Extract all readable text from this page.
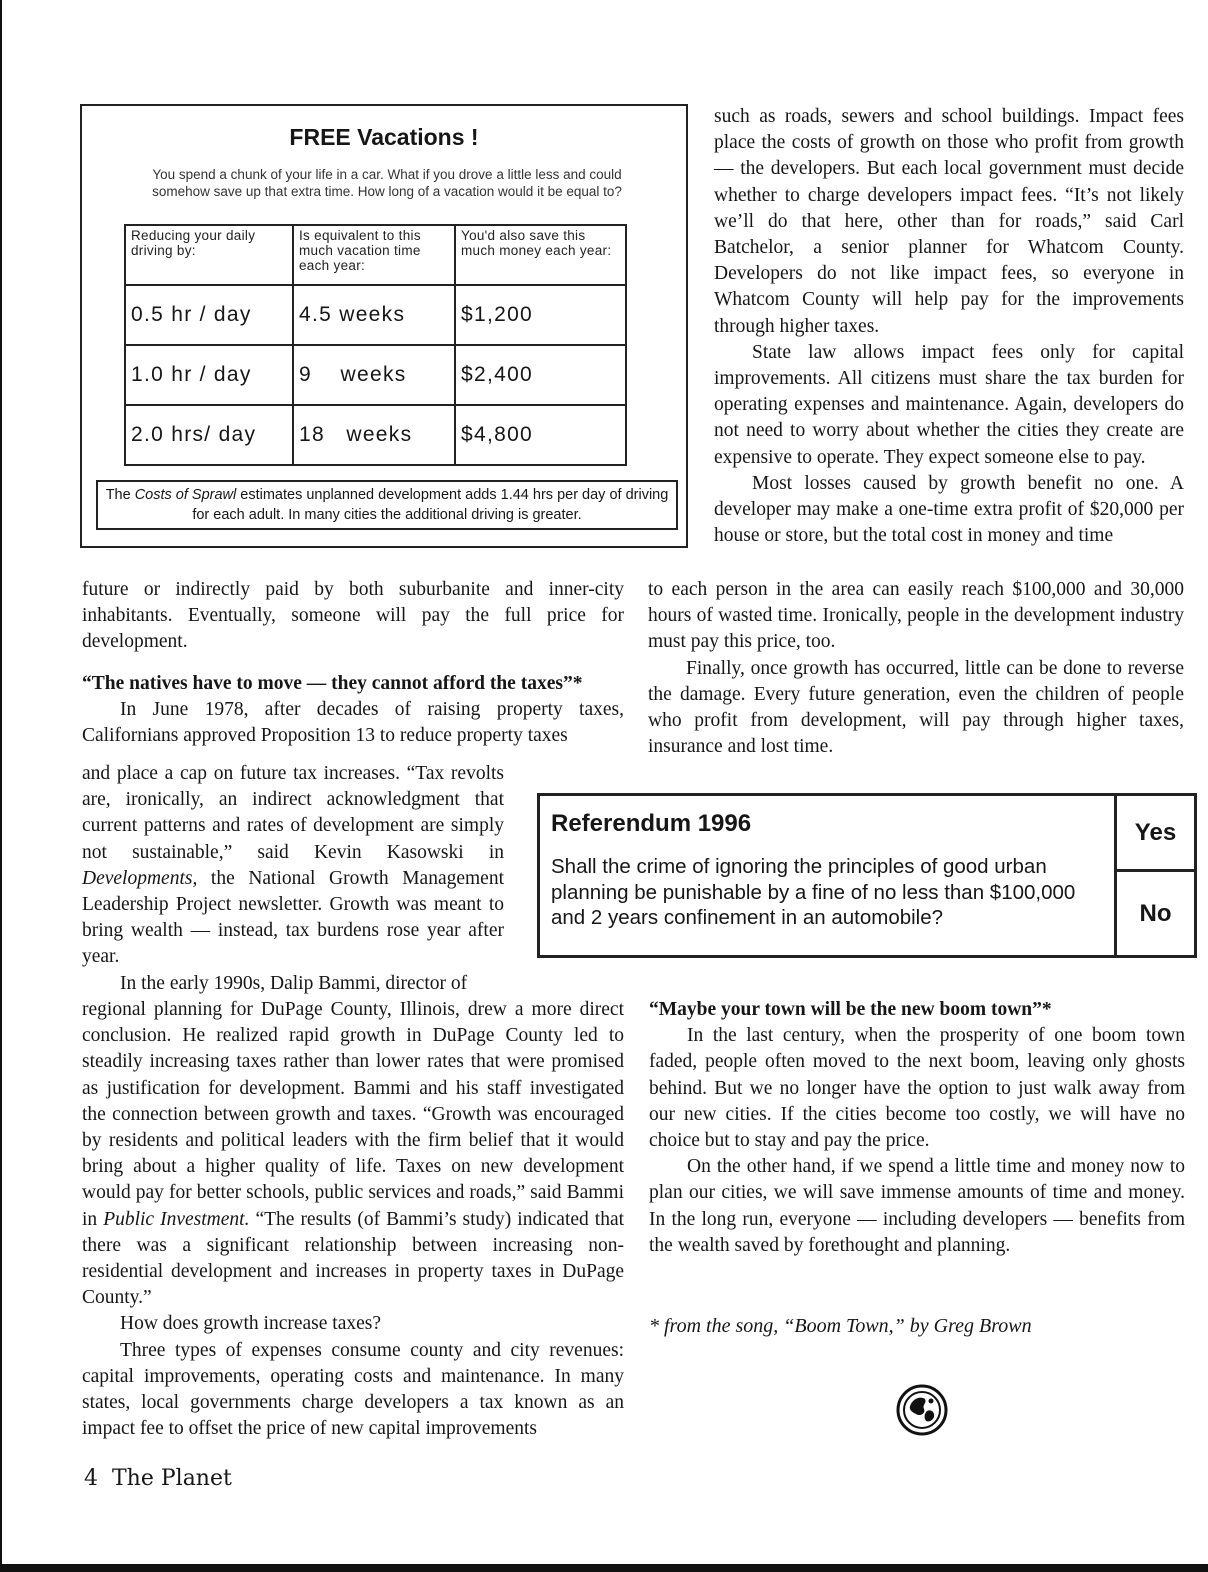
FREE Vacations !
You spend a chunk of your life in a car. What if you drove a little less and could somehow save up that extra time. How long of a vacation would it be equal to?
Reducing your daily driving by:	Is equivalent to this much vacation time each year:	You'd also save this much money each year:
0.5 hr / day	4.5 weeks	$1,200
1.0 hr / day	9    weeks	$2,400
2.0 hrs/ day	18   weeks	$4,800
The Costs of Sprawl estimates unplanned development adds 1.44 hrs per day of driving for each adult. In many cities the additional driving is greater.

such as roads, sewers and school buildings. Impact fees place the costs of growth on those who profit from growth — the developers. But each local government must decide whether to charge developers impact fees. “It’s not likely we’ll do that here, other than for roads,” said Carl Batchelor, a senior planner for Whatcom County. Developers do not like impact fees, so everyone in Whatcom County will help pay for the improvements through higher taxes.

State law allows impact fees only for capital improvements. All citizens must share the tax burden for operating expenses and maintenance. Again, developers do not need to worry about whether the cities they create are expensive to operate. They expect someone else to pay.

Most losses caused by growth benefit no one. A developer may make a one-time extra profit of $20,000 per house or store, but the total cost in money and time

future or indirectly paid by both suburbanite and inner-city inhabitants. Eventually, someone will pay the full price for development.

“The natives have to move — they cannot afford the taxes”*

In June 1978, after decades of raising property taxes, Californians approved Proposition 13 to reduce property taxes

to each person in the area can easily reach $100,000 and 30,000 hours of wasted time. Ironically, people in the development industry must pay this price, too.

Finally, once growth has occurred, little can be done to reverse the damage. Every future generation, even the children of people who profit from development, will pay through higher taxes, insurance and lost time.

and place a cap on future tax increases. “Tax revolts are, ironically, an indirect acknowledgment that current patterns and rates of development are simply not sustainable,” said Kevin Kasowski in Developments, the National Growth Management Leadership Project newsletter. Growth was meant to bring wealth — instead, tax burdens rose year after year.

In the early 1990s, Dalip Bammi, director of

Referendum 1996
Shall the crime of ignoring the principles of good urban planning be punishable by a fine of no less than $100,000 and 2 years confinement in an automobile?
Yes
No

regional planning for DuPage County, Illinois, drew a more direct conclusion. He realized rapid growth in DuPage County led to steadily increasing taxes rather than lower rates that were promised as justification for development. Bammi and his staff investigated the connection between growth and taxes. “Growth was encouraged by residents and political leaders with the firm belief that it would bring about a higher quality of life. Taxes on new development would pay for better schools, public services and roads,” said Bammi in Public Investment. “The results (of Bammi’s study) indicated that there was a significant relationship between increasing non-residential development and increases in property taxes in DuPage County.”

How does growth increase taxes?

Three types of expenses consume county and city revenues: capital improvements, operating costs and maintenance. In many states, local governments charge developers a tax known as an impact fee to offset the price of new capital improvements

“Maybe your town will be the new boom town”*

In the last century, when the prosperity of one boom town faded, people often moved to the next boom, leaving only ghosts behind. But we no longer have the option to just walk away from our new cities. If the cities become too costly, we will have no choice but to stay and pay the price.

On the other hand, if we spend a little time and money now to plan our cities, we will save immense amounts of time and money. In the long run, everyone — including developers — benefits from the wealth saved by forethought and planning.

* from the song, “Boom Town,” by Greg Brown
4 The Planet
